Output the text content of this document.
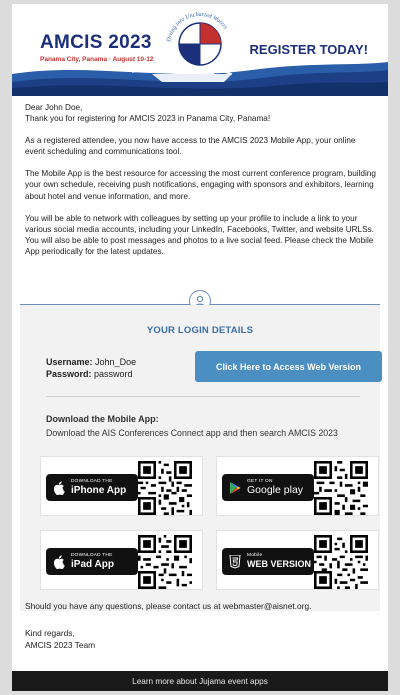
Diving into Uncharted Waters
AMCIS 2023
Panama City, Panama · August 10-12
REGISTER TODAY!

Dear John Doe,

Thank you for registering for AMCIS 2023 in Panama City, Panama!

As a registered attendee, you now have access to the AMCIS 2023 Mobile App, your online event scheduling and communications tool.

The Mobile App is the best resource for accessing the most current conference program, building your own schedule, receiving push notifications, engaging with sponsors and exhibitors, learning about hotel and venue information, and more.

You will be able to network with colleagues by setting up your profile to include a link to your various social media accounts, including your LinkedIn, Facebooks, Twitter, and website URLSs. You will also be able to post messages and photos to a live social feed. Please check the Mobile App periodically for the latest updates.

YOUR LOGIN DETAILS
Username: John_Doe
Password: password
Click Here to Access Web Version
Download the Mobile App:
Download the AIS Conferences Connect app and then search AMCIS 2023
DOWNLOAD THE
iPhone App
GET IT ON
Google play
DOWNLOAD THE
iPad App
Mobile
WEB VERSION
Should you have any questions, please contact us at webmaster@aisnet.org.
Kind regards,
AMCIS 2023 Team
Learn more about Jujama event apps
